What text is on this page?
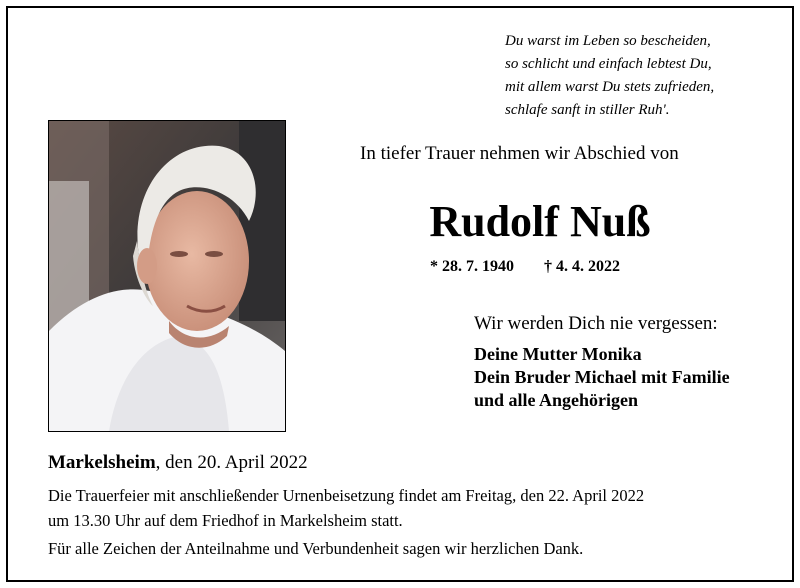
Du warst im Leben so bescheiden,
so schlicht und einfach lebtest Du,
mit allem warst Du stets zufrieden,
schlafe sanft in stiller Ruh'.
In tiefer Trauer nehmen wir Abschied von
Rudolf Nuß
* 28. 7. 1940 † 4. 4. 2022
Wir werden Dich nie vergessen:
Deine Mutter Monika
Dein Bruder Michael mit Familie
und alle Angehörigen
Markelsheim, den 20. April 2022
Die Trauerfeier mit anschließender Urnenbeisetzung findet am Freitag, den 22. April 2022
um 13.30 Uhr auf dem Friedhof in Markelsheim statt.
Für alle Zeichen der Anteilnahme und Verbundenheit sagen wir herzlichen Dank.
